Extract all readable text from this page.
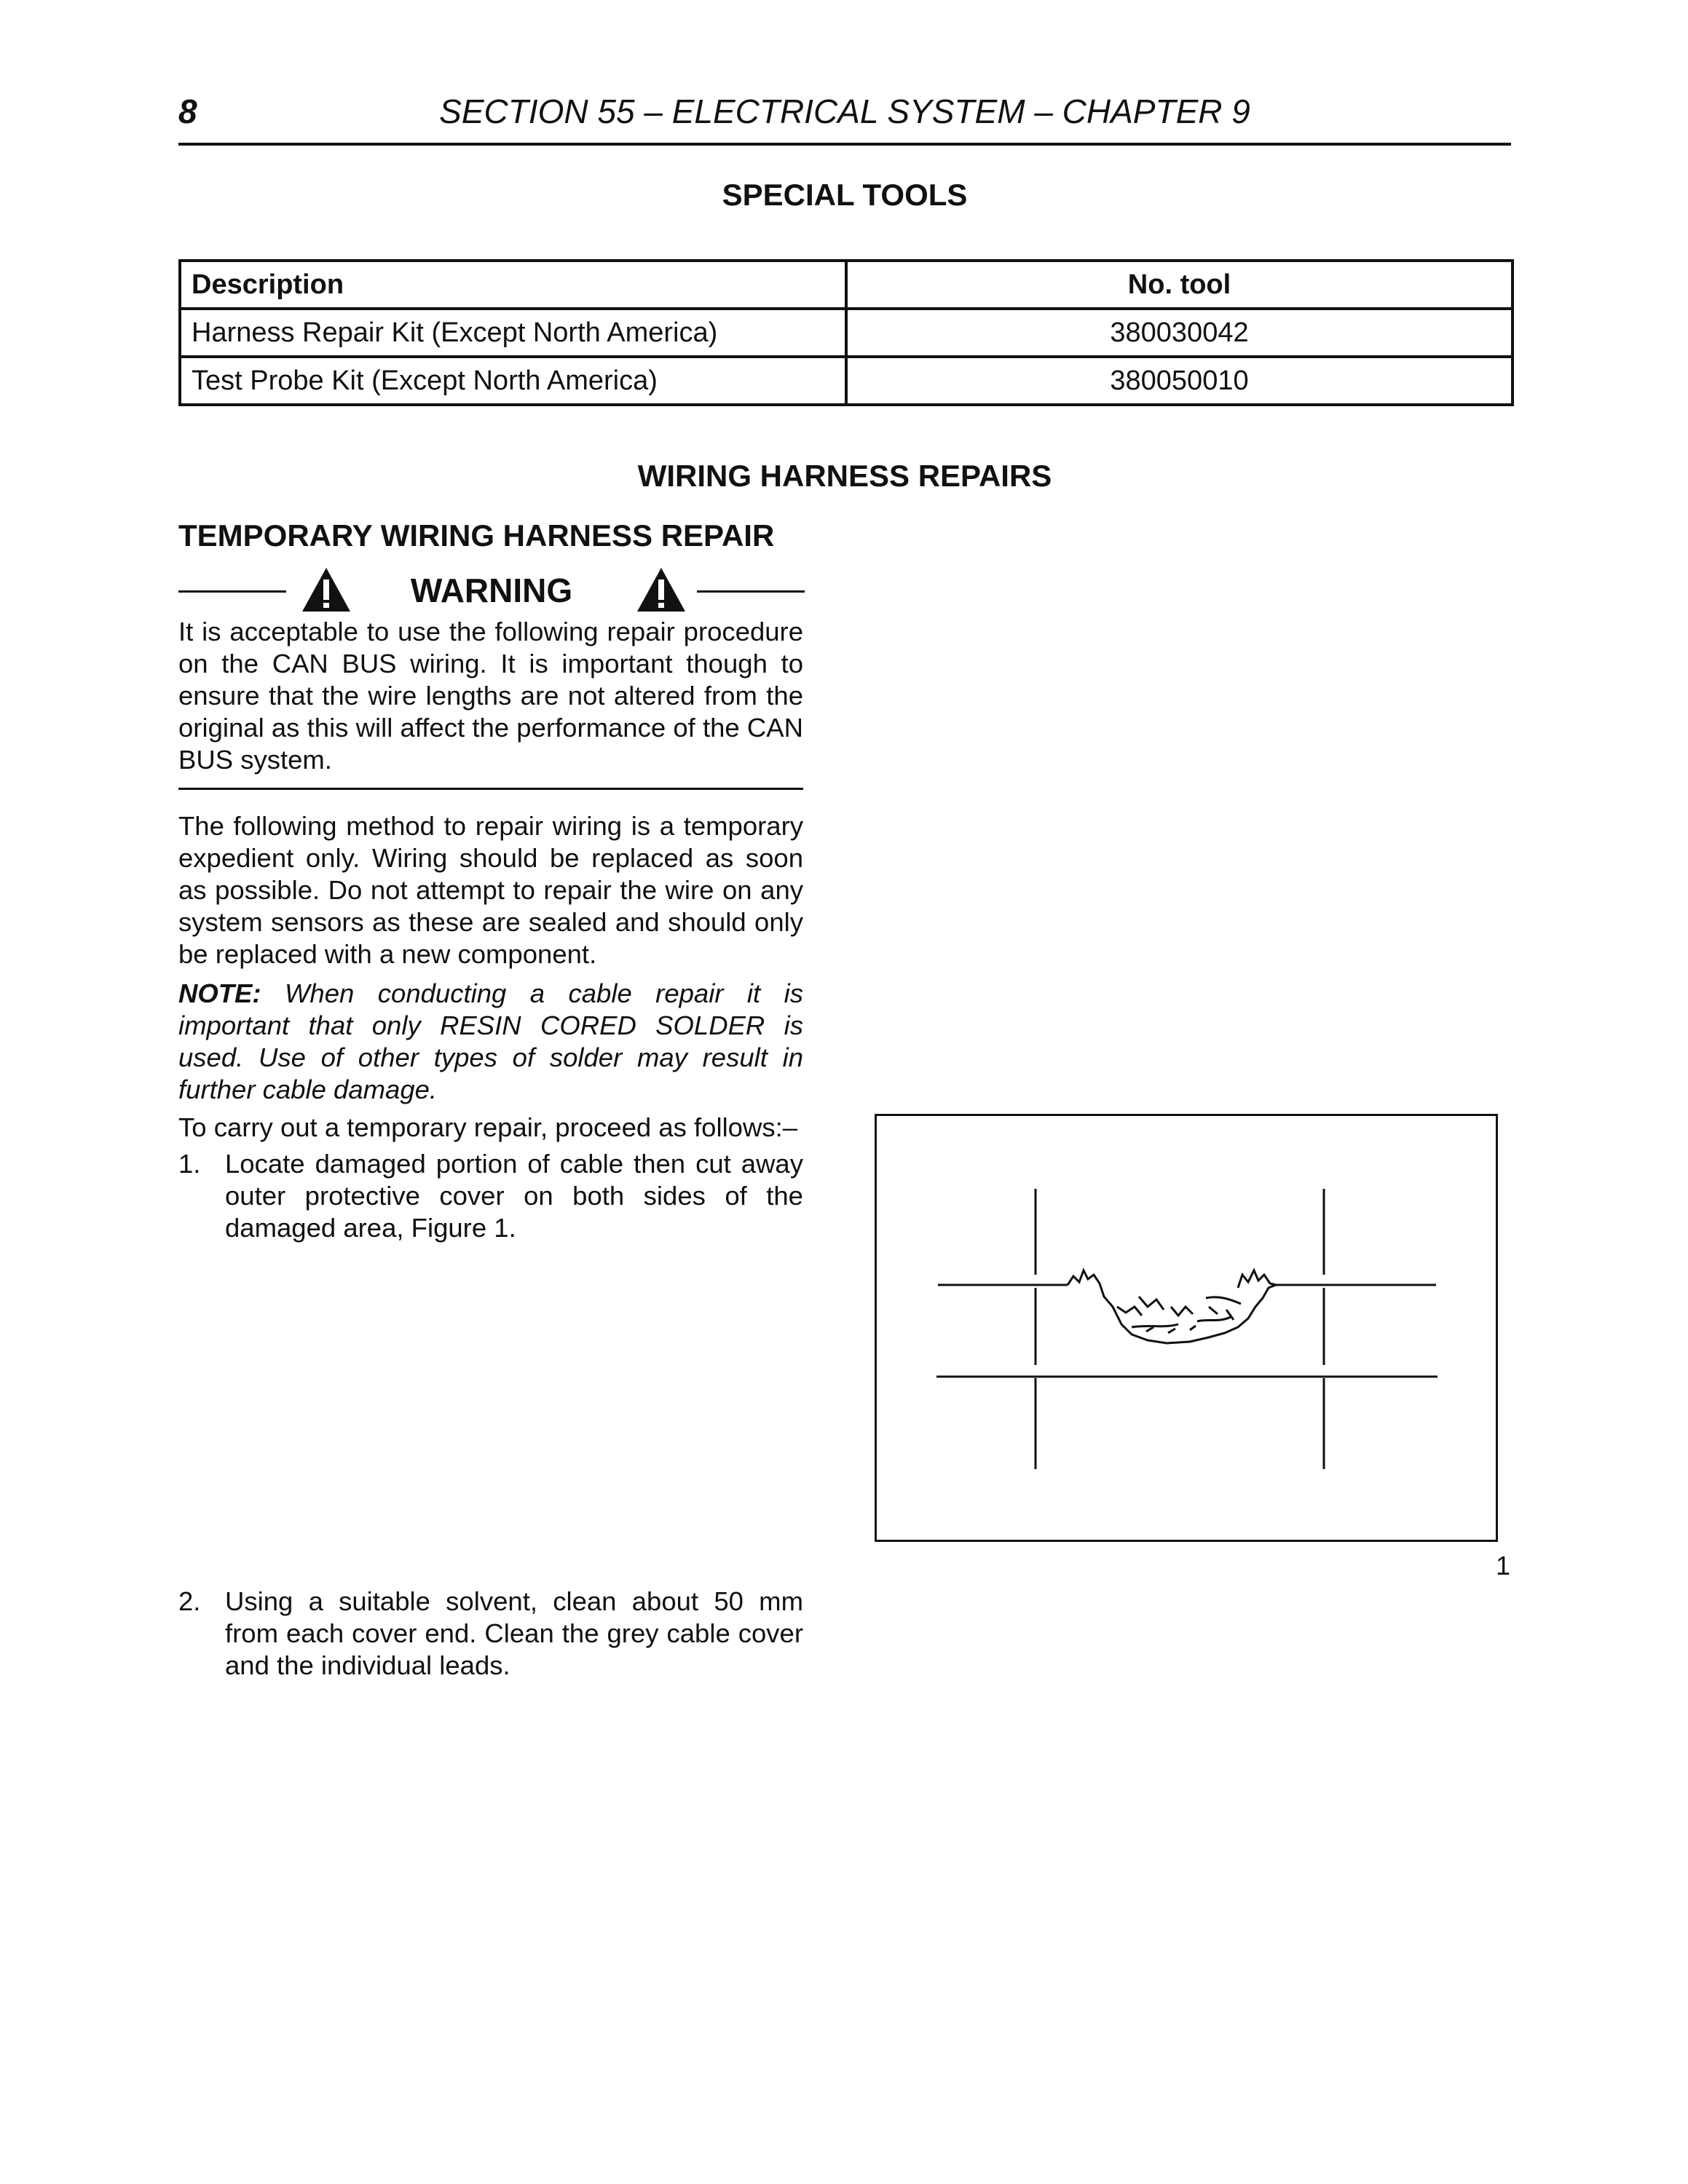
8	SECTION 55 – ELECTRICAL SYSTEM – CHAPTER 9
SPECIAL TOOLS
Description	No. tool
Harness Repair Kit (Except North America)	380030042
Test Probe Kit (Except North America)	380050010
WIRING HARNESS REPAIRS
TEMPORARY WIRING HARNESS REPAIR
WARNING
It is acceptable to use the following repair procedure on the CAN BUS wiring. It is important though to ensure that the wire lengths are not altered from the original as this will affect the performance of the CAN BUS system.
The following method to repair wiring is a temporary expedient only. Wiring should be replaced as soon as possible. Do not attempt to repair the wire on any system sensors as these are sealed and should only be replaced with a new component.
NOTE: When conducting a cable repair it is important that only RESIN CORED SOLDER is used. Use of other types of solder may result in further cable damage.
To carry out a temporary repair, proceed as follows:–
1. Locate damaged portion of cable then cut away outer protective cover on both sides of the damaged area, Figure 1.
1
2. Using a suitable solvent, clean about 50 mm from each cover end. Clean the grey cable cover and the individual leads.
